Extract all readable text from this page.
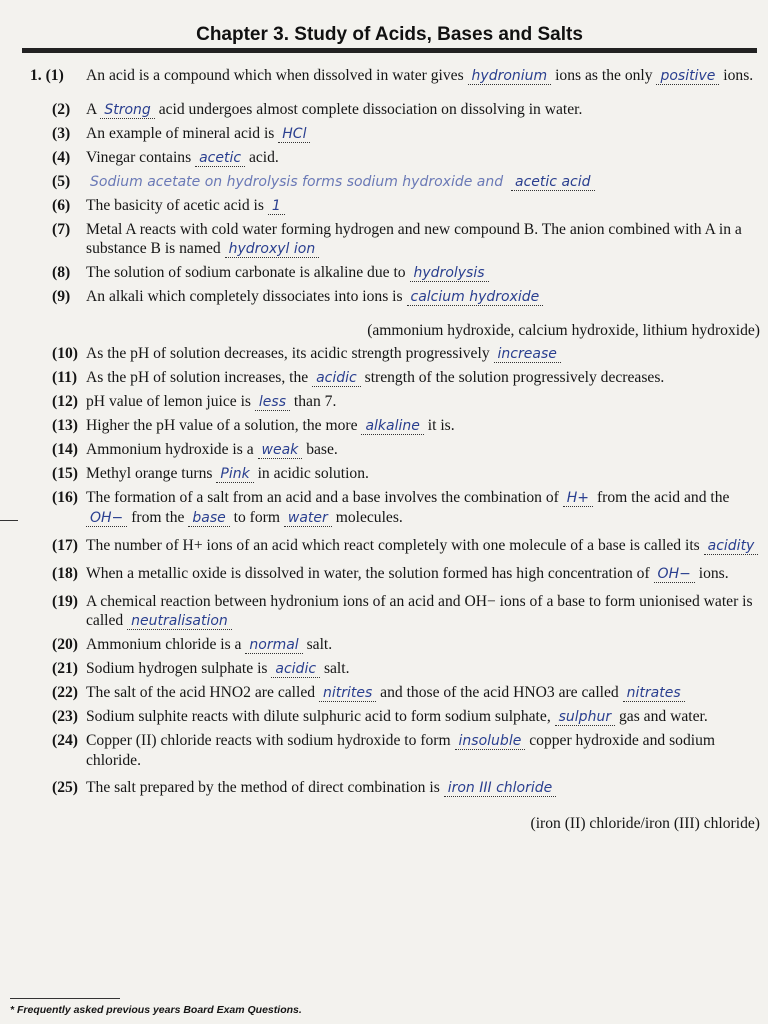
Chapter 3. Study of Acids, Bases and Salts

1. (1)	An acid is a compound which when dissolved in water gives hydronium ions as the only positive ions.

(2)	A Strong acid undergoes almost complete dissociation on dissolving in water.

(3)	An example of mineral acid is HCl

(4)	Vinegar contains acetic acid.

(5)	Sodium acetate on hydrolysis forms sodium hydroxide and acetic acid

(6)	The basicity of acetic acid is 1

(7)	Metal A reacts with cold water forming hydrogen and new compound B. The anion combined with A in a substance B is named hydroxyl ion

(8)	The solution of sodium carbonate is alkaline due to hydrolysis

(9)	An alkali which completely dissociates into ions is calcium hydroxide
(ammonium hydroxide, calcium hydroxide, lithium hydroxide)

(10) As the pH of solution decreases, its acidic strength progressively increase

(11) As the pH of solution increases, the acidic strength of the solution progressively decreases.

(12) pH value of lemon juice is less than 7.

(13) Higher the pH value of a solution, the more alkaline it is.

(14) Ammonium hydroxide is a weak base.

(15) Methyl orange turns Pink in acidic solution.

(16) The formation of a salt from an acid and a base involves the combination of H+ from the acid and the OH− from the base to form water molecules.

(17) The number of H+ ions of an acid which react completely with one molecule of a base is called its acidity

(18) When a metallic oxide is dissolved in water, the solution formed has high concentration of OH− ions.

(19) A chemical reaction between hydronium ions of an acid and OH− ions of a base to form unionised water is called neutralisation

(20) Ammonium chloride is a normal salt.

(21) Sodium hydrogen sulphate is acidic salt.

(22) The salt of the acid HNO2 are called nitrites and those of the acid HNO3 are called nitrates

(23) Sodium sulphite reacts with dilute sulphuric acid to form sodium sulphate, sulphur gas and water.

(24) Copper (II) chloride reacts with sodium hydroxide to form insoluble copper hydroxide and sodium chloride.

(25) The salt prepared by the method of direct combination is iron III chloride
(iron (II) chloride/iron (III) chloride)

* Frequently asked previous years Board Exam Questions.
